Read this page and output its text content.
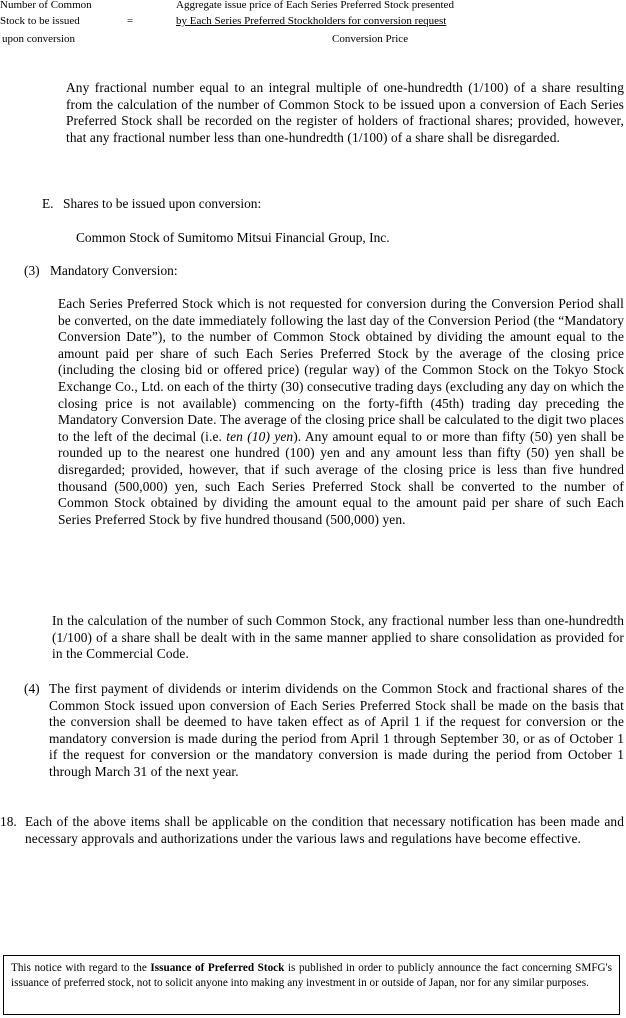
Number of Common
Stock to be issued
upon conversion
=
Aggregate issue price of Each Series Preferred Stock presented
by Each Series Preferred Stockholders for conversion request
Conversion Price
Any fractional number equal to an integral multiple of one-hundredth (1/100) of a share resulting from the calculation of the number of Common Stock to be issued upon a conversion of Each Series Preferred Stock shall be recorded on the register of holders of fractional shares; provided, however, that any fractional number less than one-hundredth (1/100) of a share shall be disregarded.
E. Shares to be issued upon conversion:
Common Stock of Sumitomo Mitsui Financial Group, Inc.
(3) Mandatory Conversion:
Each Series Preferred Stock which is not requested for conversion during the Conversion Period shall be converted, on the date immediately following the last day of the Conversion Period (the “Mandatory Conversion Date”), to the number of Common Stock obtained by dividing the amount equal to the amount paid per share of such Each Series Preferred Stock by the average of the closing price (including the closing bid or offered price) (regular way) of the Common Stock on the Tokyo Stock Exchange Co., Ltd. on each of the thirty (30) consecutive trading days (excluding any day on which the closing price is not available) commencing on the forty-fifth (45th) trading day preceding the Mandatory Conversion Date. The average of the closing price shall be calculated to the digit two places to the left of the decimal (i.e. ten (10) yen). Any amount equal to or more than fifty (50) yen shall be rounded up to the nearest one hundred (100) yen and any amount less than fifty (50) yen shall be disregarded; provided, however, that if such average of the closing price is less than five hundred thousand (500,000) yen, such Each Series Preferred Stock shall be converted to the number of Common Stock obtained by dividing the amount equal to the amount paid per share of such Each Series Preferred Stock by five hundred thousand (500,000) yen.
In the calculation of the number of such Common Stock, any fractional number less than one-hundredth (1/100) of a share shall be dealt with in the same manner applied to share consolidation as provided for in the Commercial Code.
(4) The first payment of dividends or interim dividends on the Common Stock and fractional shares of the Common Stock issued upon conversion of Each Series Preferred Stock shall be made on the basis that the conversion shall be deemed to have taken effect as of April 1 if the request for conversion or the mandatory conversion is made during the period from April 1 through September 30, or as of October 1 if the request for conversion or the mandatory conversion is made during the period from October 1 through March 31 of the next year.
18. Each of the above items shall be applicable on the condition that necessary notification has been made and necessary approvals and authorizations under the various laws and regulations have become effective.
This notice with regard to the Issuance of Preferred Stock is published in order to publicly announce the fact concerning SMFG's issuance of preferred stock, not to solicit anyone into making any investment in or outside of Japan, nor for any similar purposes.
